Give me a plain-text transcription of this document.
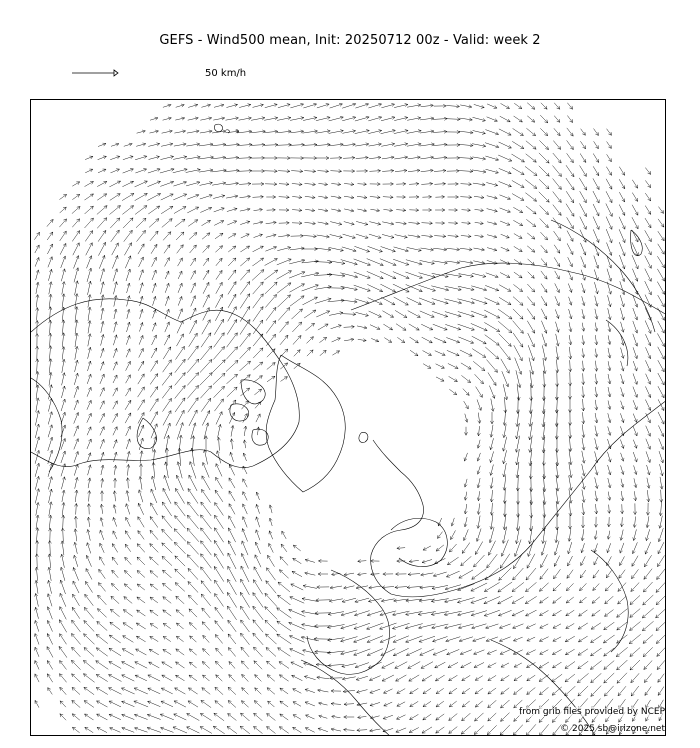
GEFS - Wind500 mean, Init: 20250712 00z - Valid: week 2
50 km/h
from grib files provided by NCEP
© 2025 sb@irizone.net
